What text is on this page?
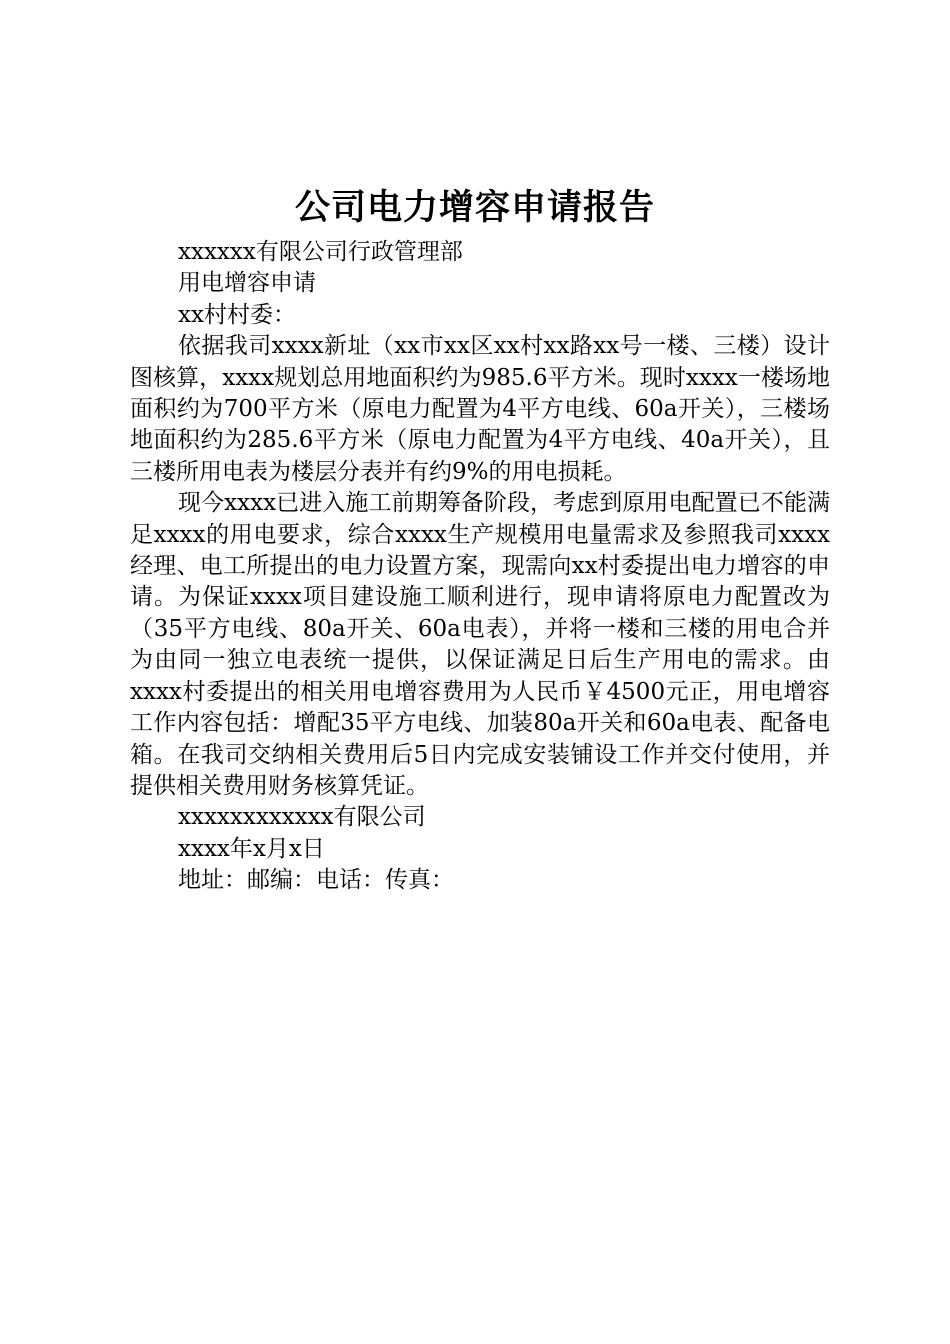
公司电力增容申请报告

xxxxxx有限公司行政管理部

用电增容申请

xx村村委：

依据我司xxxx新址（xx市xx区xx村xx路xx号一楼、三楼）设计图核算，xxxx规划总用地面积约为985.6平方米。现时xxxx一楼场地面积约为700平方米（原电力配置为4平方电线、60a开关），三楼场地面积约为285.6平方米（原电力配置为4平方电线、40a开关），且三楼所用电表为楼层分表并有约9%的用电损耗。

现今xxxx已进入施工前期筹备阶段，考虑到原用电配置已不能满足xxxx的用电要求，综合xxxx生产规模用电量需求及参照我司xxxx经理、电工所提出的电力设置方案，现需向xx村委提出电力增容的申请。为保证xxxx项目建设施工顺利进行，现申请将原电力配置改为（35平方电线、80a开关、60a电表），并将一楼和三楼的用电合并为由同一独立电表统一提供，以保证满足日后生产用电的需求。由xxxx村委提出的相关用电增容费用为人民币￥4500元正，用电增容工作内容包括：增配35平方电线、加装80a开关和60a电表、配备电箱。在我司交纳相关费用后5日内完成安装铺设工作并交付使用，并提供相关费用财务核算凭证。

xxxxxxxxxxxx有限公司

xxxx年x月x日

地址：邮编：电话：传真：
